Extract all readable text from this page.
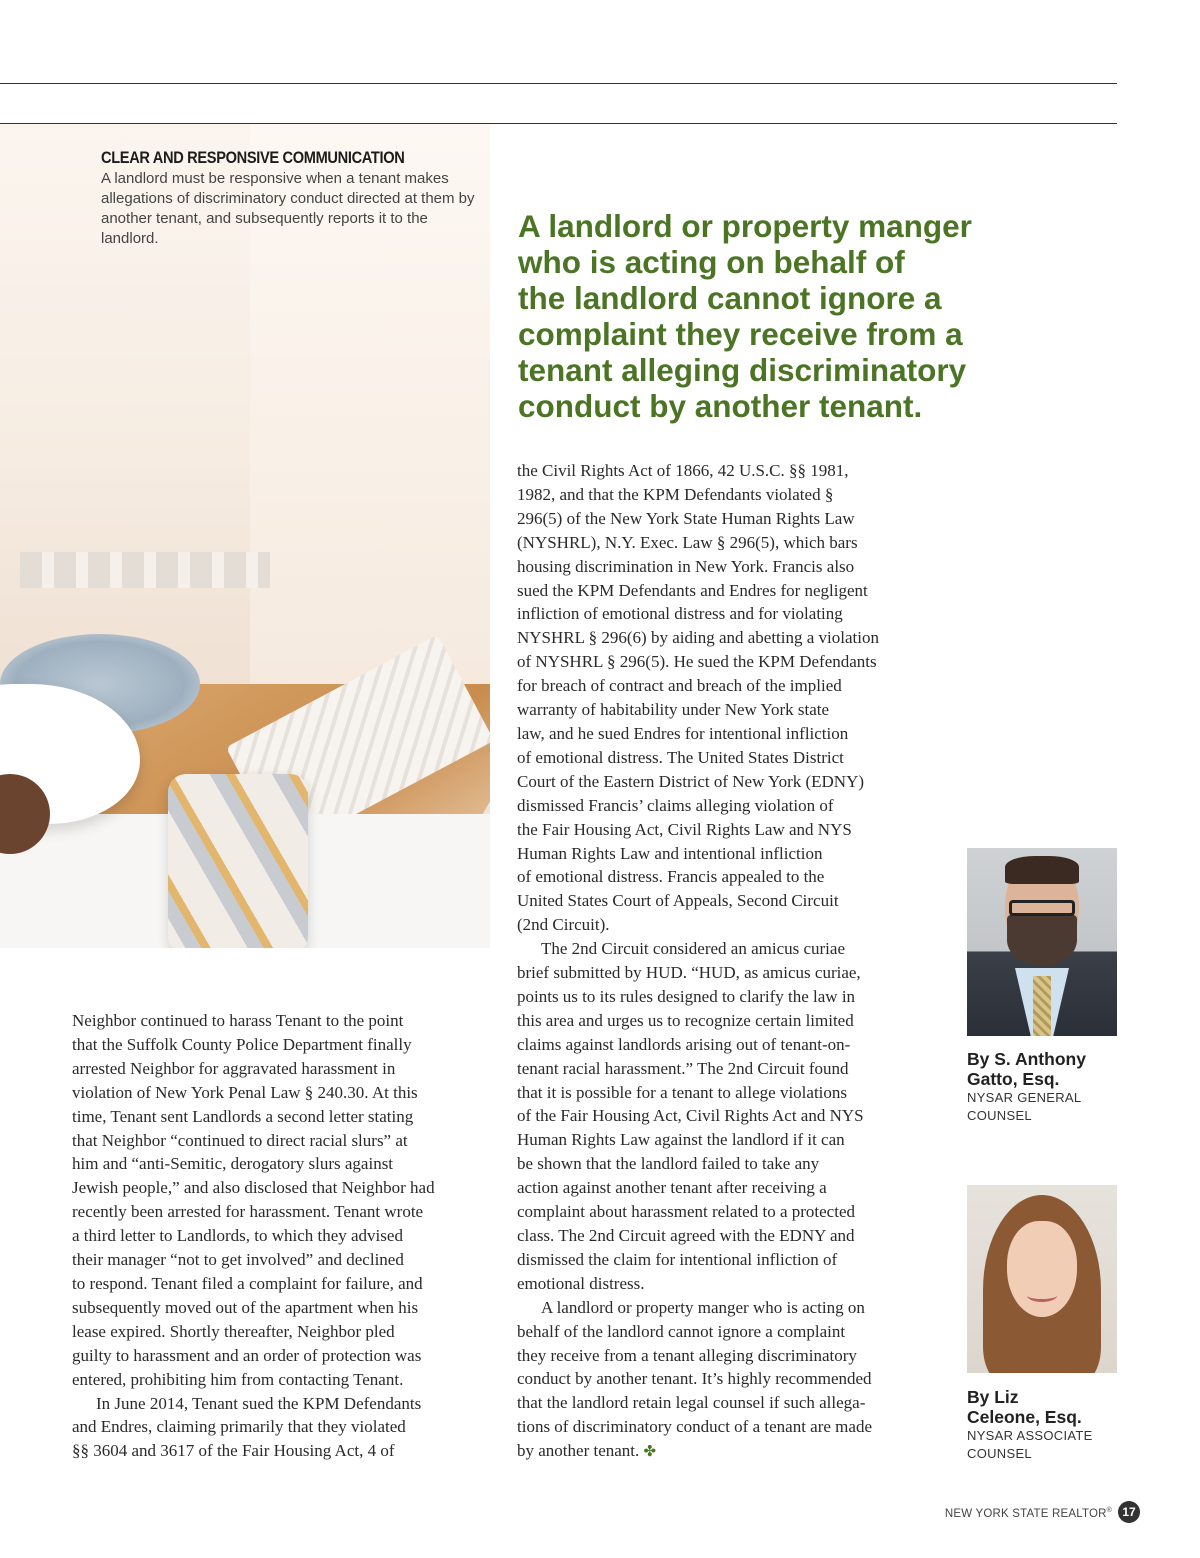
CLEAR AND RESPONSIVE COMMUNICATION
A landlord must be responsive when a tenant makes allegations of discriminatory conduct directed at them by another tenant, and subsequently reports it to the landlord.	A landlord or property manger
who is acting on behalf of
the landlord cannot ignore a
complaint they receive from a
tenant alleging discriminatory
conduct by another tenant.
the Civil Rights Act of 1866, 42 U.S.C. §§ 1981,
1982, and that the KPM Defendants violated §
296(5) of the New York State Human Rights Law
(NYSHRL), N.Y. Exec. Law § 296(5), which bars
housing discrimination in New York. Francis also
sued the KPM Defendants and Endres for negligent
infliction of emotional distress and for violating
NYSHRL § 296(6) by aiding and abetting a violation
of NYSHRL § 296(5). He sued the KPM Defendants
for breach of contract and breach of the implied
warranty of habitability under New York state
law, and he sued Endres for intentional infliction
of emotional distress. The United States District
Court of the Eastern District of New York (EDNY)
dismissed Francis’ claims alleging violation of
the Fair Housing Act, Civil Rights Law and NYS
Human Rights Law and intentional infliction
of emotional distress. Francis appealed to the
United States Court of Appeals, Second Circuit
(2nd Circuit).
The 2nd Circuit considered an amicus curiae
brief submitted by HUD. “HUD, as amicus curiae,
points us to its rules designed to clarify the law in
this area and urges us to recognize certain limited
claims against landlords arising out of tenant-on-
tenant racial harassment.” The 2nd Circuit found
that it is possible for a tenant to allege violations
of the Fair Housing Act, Civil Rights Act and NYS
Human Rights Law against the landlord if it can
be shown that the landlord failed to take any
action against another tenant after receiving a
complaint about harassment related to a protected
class. The 2nd Circuit agreed with the EDNY and
dismissed the claim for intentional infliction of
emotional distress.
A landlord or property manger who is acting on
behalf of the landlord cannot ignore a complaint
they receive from a tenant alleging discriminatory
conduct by another tenant. It’s highly recommended
that the landlord retain legal counsel if such allega-
tions of discriminatory conduct of a tenant are made
by another tenant. ✤
Neighbor continued to harass Tenant to the point
that the Suffolk County Police Department finally
arrested Neighbor for aggravated harassment in
violation of New York Penal Law § 240.30. At this
time, Tenant sent Landlords a second letter stating
that Neighbor “continued to direct racial slurs” at
him and “anti-Semitic, derogatory slurs against
Jewish people,” and also disclosed that Neighbor had
recently been arrested for harassment. Tenant wrote
a third letter to Landlords, to which they advised
their manager “not to get involved” and declined
to respond. Tenant filed a complaint for failure, and
subsequently moved out of the apartment when his
lease expired. Shortly thereafter, Neighbor pled
guilty to harassment and an order of protection was
entered, prohibiting him from contacting Tenant.
In June 2014, Tenant sued the KPM Defendants
and Endres, claiming primarily that they violated
§§ 3604 and 3617 of the Fair Housing Act, 4 of
By S. Anthony
Gatto, Esq.
NYSAR GENERAL
COUNSEL
By Liz
Celeone, Esq.
NYSAR ASSOCIATE
COUNSEL
NEW YORK STATE REALTOR® 17
